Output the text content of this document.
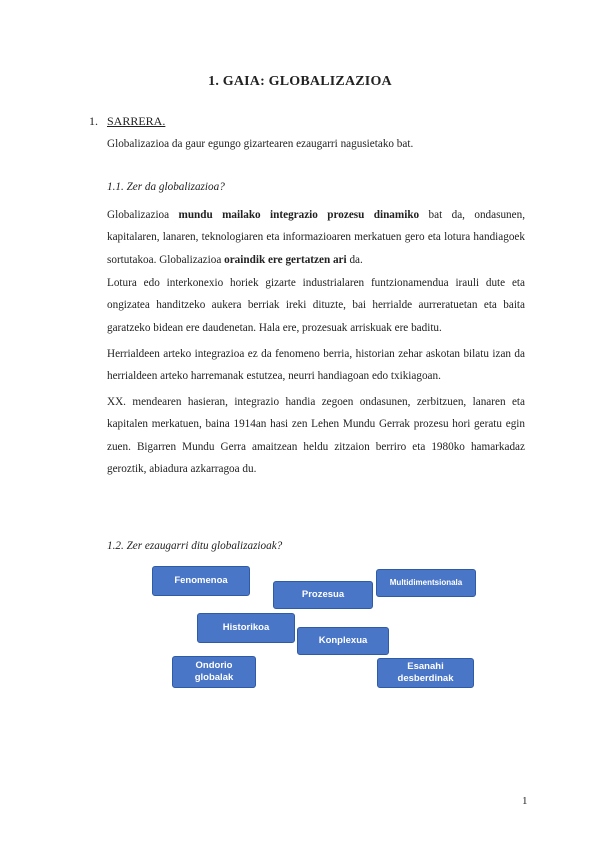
1. GAIA: GLOBALIZAZIOA
1. SARRERA.

Globalizazioa da gaur egungo gizartearen ezaugarri nagusietako bat.

1.1. Zer da globalizazioa?

Globalizazioa mundu mailako integrazio prozesu dinamiko bat da, ondasunen, kapitalaren, lanaren, teknologiaren eta informazioaren merkatuen gero eta lotura handiagoek sortutakoa. Globalizazioa oraindik ere gertatzen ari da.

Lotura edo interkonexio horiek gizarte industrialaren funtzionamendua irauli dute eta ongizatea handitzeko aukera berriak ireki dituzte, bai herrialde aurreratuetan eta baita garatzeko bidean ere daudenetan. Hala ere, prozesuak arriskuak ere baditu.

Herrialdeen arteko integrazioa ez da fenomeno berria, historian zehar askotan bilatu izan da herrialdeen arteko harremanak estutzea, neurri handiagoan edo txikiagoan.

XX. mendearen hasieran, integrazio handia zegoen ondasunen, zerbitzuen, lanaren eta kapitalen merkatuen, baina 1914an hasi zen Lehen Mundu Gerrak prozesu hori geratu egin zuen. Bigarren Mundu Gerra amaitzean heldu zitzaion berriro eta 1980ko hamarkadaz geroztik, abiadura azkarragoa du.

1.2. Zer ezaugarri ditu globalizazioak?
Fenomenoa
Prozesua
Multidimentsionala
Historikoa
Konplexua
Ondorio globalak
Esanahi desberdinak
1
